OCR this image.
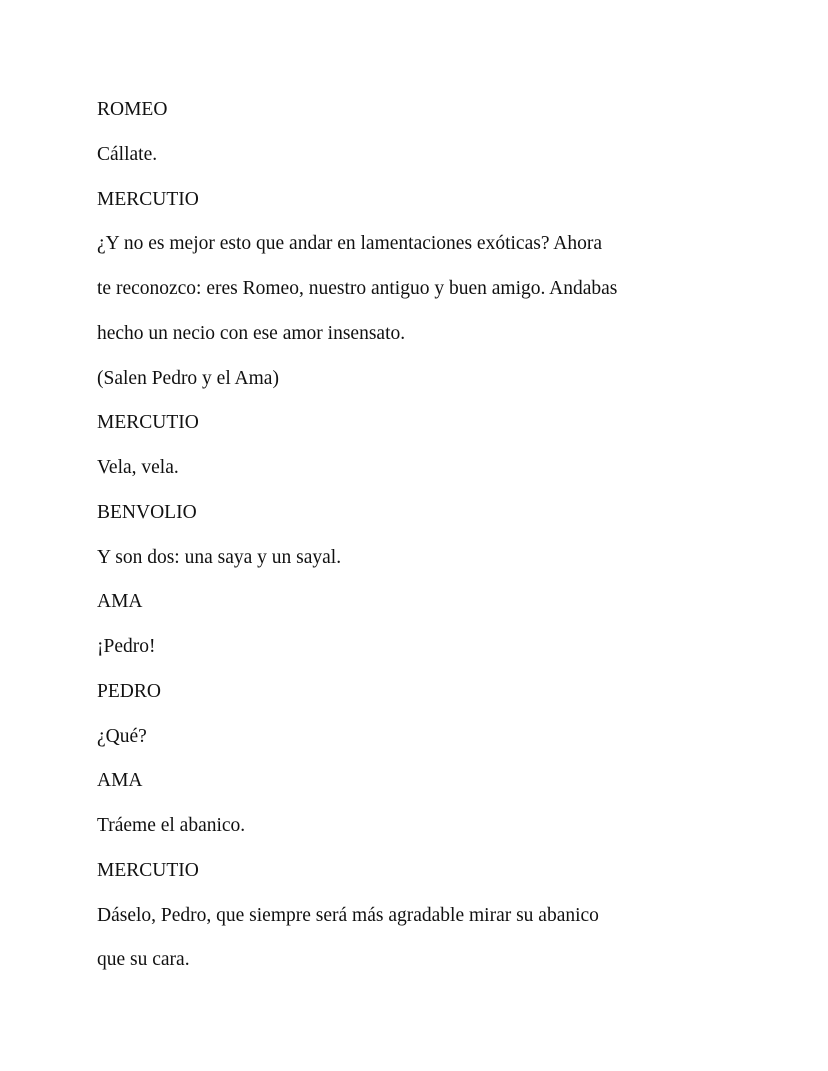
ROMEO
Cállate.
MERCUTIO
¿Y no es mejor esto que andar en lamentaciones exóticas? Ahora
te reconozco: eres Romeo, nuestro antiguo y buen amigo. Andabas
hecho un necio con ese amor insensato.
(Salen Pedro y el Ama)
MERCUTIO
Vela, vela.
BENVOLIO
Y son dos: una saya y un sayal.
AMA
¡Pedro!
PEDRO
¿Qué?
AMA
Tráeme el abanico.
MERCUTIO
Dáselo, Pedro, que siempre será más agradable mirar su abanico
que su cara.
